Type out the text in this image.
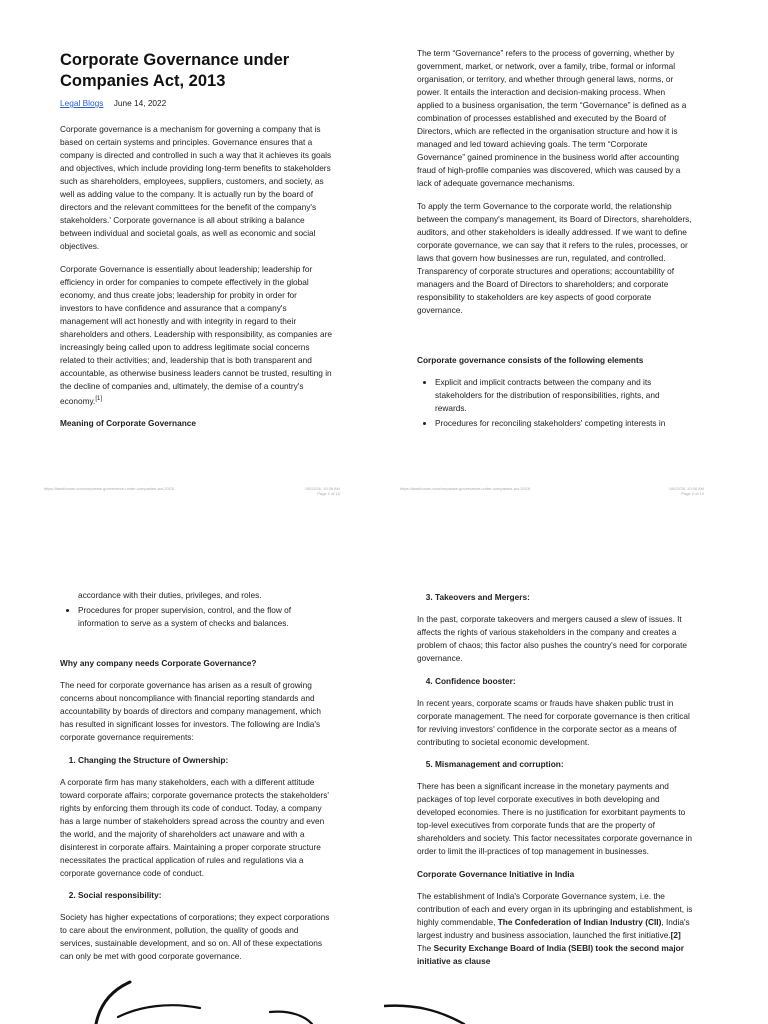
Corporate Governance under Companies Act, 2013
Legal Blogs June 14, 2022

Corporate governance is a mechanism for governing a company that is based on certain systems and principles. Governance ensures that a company is directed and controlled in such a way that it achieves its goals and objectives, which include providing long-term benefits to stakeholders such as shareholders, employees, suppliers, customers, and society, as well as adding value to the company. It is actually run by the board of directors and the relevant committees for the benefit of the company's stakeholders.' Corporate governance is all about striking a balance between individual and societal goals, as well as economic and social objectives.

Corporate Governance is essentially about leadership; leadership for efficiency in order for companies to compete effectively in the global economy, and thus create jobs; leadership for probity in order for investors to have confidence and assurance that a company's management will act honestly and with integrity in regard to their shareholders and others. Leadership with responsibility, as companies are increasingly being called upon to address legitimate social concerns related to their activities; and, leadership that is both transparent and accountable, as otherwise business leaders cannot be trusted, resulting in the decline of companies and, ultimately, the demise of a country's economy.[1]

Meaning of Corporate Governance
https://lawbhoomi.com/corporate-governance-under-companies-act-2013/	08/12/26, 10:38 AM
Page 1 of 10

The term “Governance” refers to the process of governing, whether by government, market, or network, over a family, tribe, formal or informal organisation, or territory, and whether through general laws, norms, or power. It entails the interaction and decision-making process. When applied to a business organisation, the term “Governance” is defined as a combination of processes established and executed by the Board of Directors, which are reflected in the organisation structure and how it is managed and led toward achieving goals. The term “Corporate Governance” gained prominence in the business world after accounting fraud of high-profile companies was discovered, which was caused by a lack of adequate governance mechanisms.

To apply the term Governance to the corporate world, the relationship between the company's management, its Board of Directors, shareholders, auditors, and other stakeholders is ideally addressed. If we want to define corporate governance, we can say that it refers to the rules, processes, or laws that govern how businesses are run, regulated, and controlled. Transparency of corporate structures and operations; accountability of managers and the Board of Directors to shareholders; and corporate responsibility to stakeholders are key aspects of good corporate governance.

Corporate governance consists of the following elements
• Explicit and implicit contracts between the company and its stakeholders for the distribution of responsibilities, rights, and rewards.
• Procedures for reconciling stakeholders' competing interests in
https://lawbhoomi.com/corporate-governance-under-companies-act-2013/	08/12/26, 10:38 AM
Page 2 of 10
accordance with their duties, privileges, and roles.
• Procedures for proper supervision, control, and the flow of information to serve as a system of checks and balances.
Why any company needs Corporate Governance?

The need for corporate governance has arisen as a result of growing concerns about noncompliance with financial reporting standards and accountability by boards of directors and company management, which has resulted in significant losses for investors. The following are India's corporate governance requirements:

1. Changing the Structure of Ownership:

A corporate firm has many stakeholders, each with a different attitude toward corporate affairs; corporate governance protects the stakeholders' rights by enforcing them through its code of conduct. Today, a company has a large number of stakeholders spread across the country and even the world, and the majority of shareholders act unaware and with a disinterest in corporate affairs. Maintaining a proper corporate structure necessitates the practical application of rules and regulations via a corporate governance code of conduct.

2. Social responsibility:

Society has higher expectations of corporations; they expect corporations to care about the environment, pollution, the quality of goods and services, sustainable development, and so on. All of these expectations can only be met with good corporate governance.

3. Takeovers and Mergers:

In the past, corporate takeovers and mergers caused a slew of issues. It affects the rights of various stakeholders in the company and creates a problem of chaos; this factor also pushes the country's need for corporate governance.

4. Confidence booster:

In recent years, corporate scams or frauds have shaken public trust in corporate management. The need for corporate governance is then critical for reviving investors' confidence in the corporate sector as a means of contributing to societal economic development.

5. Mismanagement and corruption:

There has been a significant increase in the monetary payments and packages of top level corporate executives in both developing and developed economies. There is no justification for exorbitant payments to top-level executives from corporate funds that are the property of shareholders and society. This factor necessitates corporate governance in order to limit the ill-practices of top management in businesses.

Corporate Governance Initiative in India

The establishment of India's Corporate Governance system, i.e. the contribution of each and every organ in its upbringing and establishment, is highly commendable, The Confederation of Indian Industry (CII), India's largest industry and business association, launched the first initiative.[2] The Security Exchange Board of India (SEBI) took the second major initiative as clause
